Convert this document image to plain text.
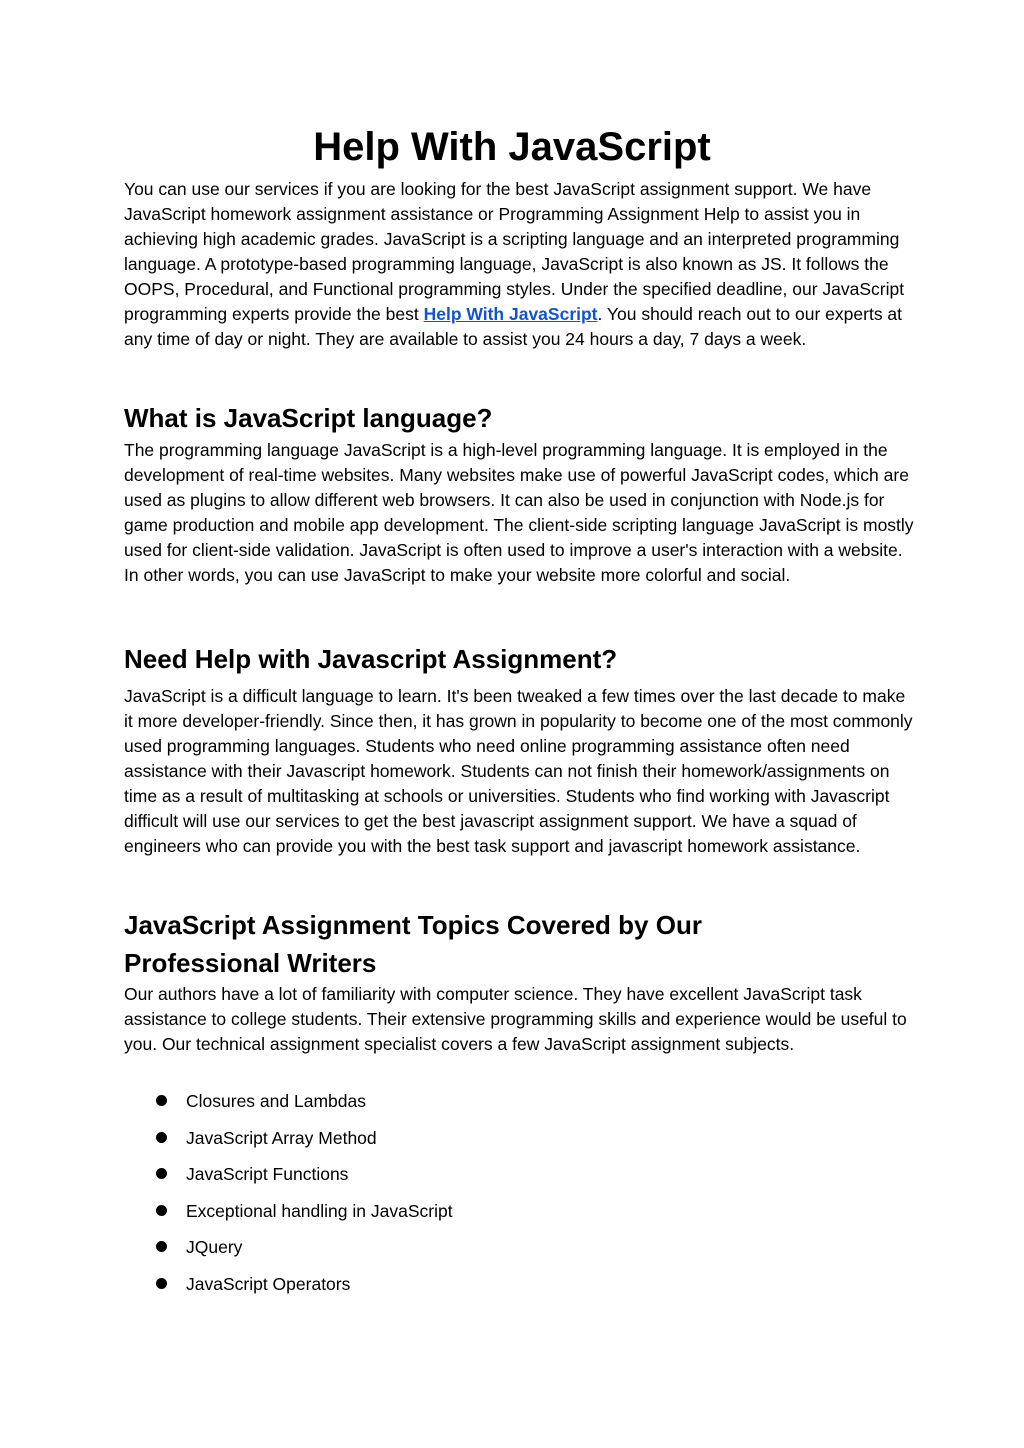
Help With JavaScript

You can use our services if you are looking for the best JavaScript assignment support. We have JavaScript homework assignment assistance or Programming Assignment Help to assist you in achieving high academic grades. JavaScript is a scripting language and an interpreted programming language. A prototype-based programming language, JavaScript is also known as JS. It follows the OOPS, Procedural, and Functional programming styles. Under the specified deadline, our JavaScript programming experts provide the best Help With JavaScript. You should reach out to our experts at any time of day or night. They are available to assist you 24 hours a day, 7 days a week.

What is JavaScript language?

The programming language JavaScript is a high-level programming language. It is employed in the development of real-time websites. Many websites make use of powerful JavaScript codes, which are used as plugins to allow different web browsers. It can also be used in conjunction with Node.js for game production and mobile app development. The client-side scripting language JavaScript is mostly used for client-side validation. JavaScript is often used to improve a user's interaction with a website. In other words, you can use JavaScript to make your website more colorful and social.

Need Help with Javascript Assignment?

JavaScript is a difficult language to learn. It's been tweaked a few times over the last decade to make it more developer-friendly. Since then, it has grown in popularity to become one of the most commonly used programming languages. Students who need online programming assistance often need assistance with their Javascript homework. Students can not finish their homework/assignments on time as a result of multitasking at schools or universities. Students who find working with Javascript difficult will use our services to get the best javascript assignment support. We have a squad of engineers who can provide you with the best task support and javascript homework assistance.

JavaScript Assignment Topics Covered by Our Professional Writers

Our authors have a lot of familiarity with computer science. They have excellent JavaScript task assistance to college students. Their extensive programming skills and experience would be useful to you. Our technical assignment specialist covers a few JavaScript assignment subjects.

Closures and Lambdas
JavaScript Array Method
JavaScript Functions
Exceptional handling in JavaScript
JQuery
JavaScript Operators
